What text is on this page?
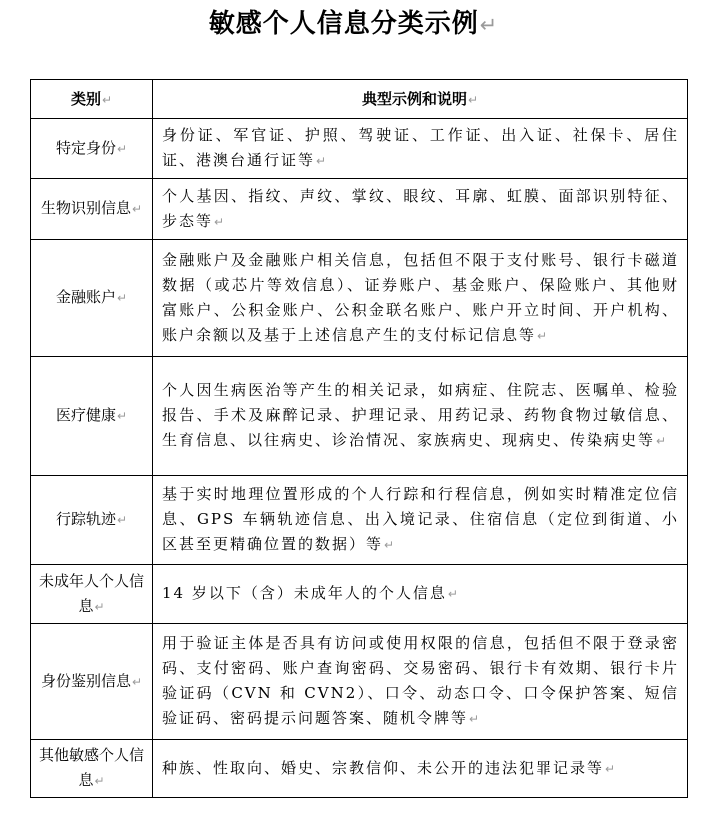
敏感个人信息分类示例↵
类别↵	典型示例和说明↵
特定身份↵	身份证、军官证、护照、驾驶证、工作证、出入证、社保卡、居住证、港澳台通行证等↵
生物识别信息↵	个人基因、指纹、声纹、掌纹、眼纹、耳廓、虹膜、面部识别特征、步态等↵
金融账户↵	金融账户及金融账户相关信息，包括但不限于支付账号、银行卡磁道数据（或芯片等效信息）、证券账户、基金账户、保险账户、其他财富账户、公积金账户、公积金联名账户、账户开立时间、开户机构、账户余额以及基于上述信息产生的支付标记信息等↵
医疗健康↵	个人因生病医治等产生的相关记录，如病症、住院志、医嘱单、检验报告、手术及麻醉记录、护理记录、用药记录、药物食物过敏信息、生育信息、以往病史、诊治情况、家族病史、现病史、传染病史等↵
行踪轨迹↵	基于实时地理位置形成的个人行踪和行程信息，例如实时精准定位信息、GPS 车辆轨迹信息、出入境记录、住宿信息（定位到街道、小区甚至更精确位置的数据）等↵
未成年人个人信息↵	14 岁以下（含）未成年人的个人信息↵
身份鉴别信息↵	用于验证主体是否具有访问或使用权限的信息，包括但不限于登录密码、支付密码、账户查询密码、交易密码、银行卡有效期、银行卡片验证码（CVN 和 CVN2）、口令、动态口令、口令保护答案、短信验证码、密码提示问题答案、随机令牌等↵
其他敏感个人信息↵	种族、性取向、婚史、宗教信仰、未公开的违法犯罪记录等↵
